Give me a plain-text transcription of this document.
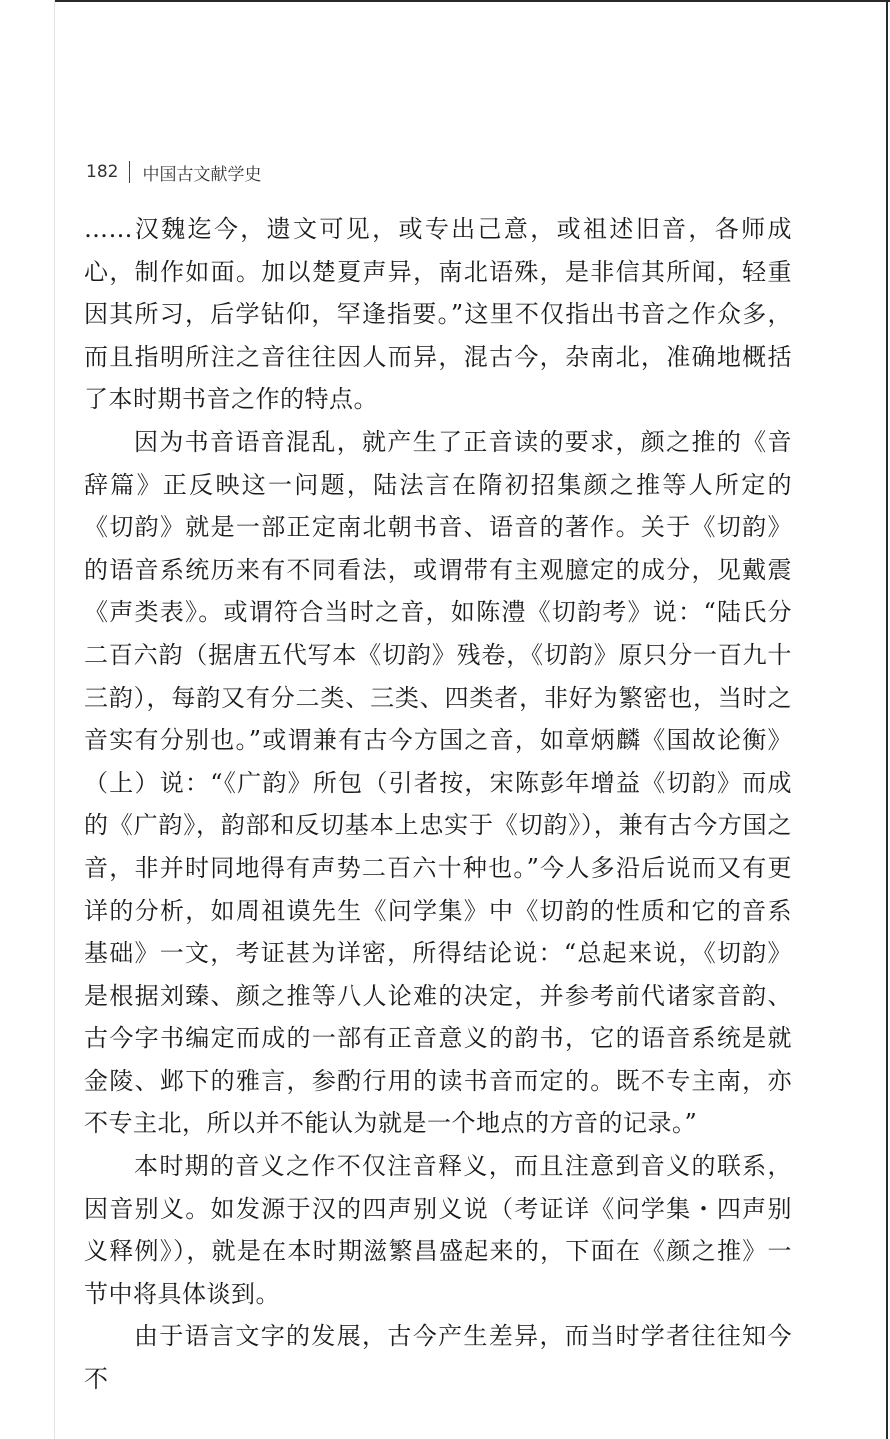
182 中国古文献学史

……汉魏迄今，遗文可见，或专出己意，或祖述旧音，各师成心，制作如面。加以楚夏声异，南北语殊，是非信其所闻，轻重因其所习，后学钻仰，罕逢指要。”这里不仅指出书音之作众多，而且指明所注之音往往因人而异，混古今，杂南北，准确地概括了本时期书音之作的特点。

因为书音语音混乱，就产生了正音读的要求，颜之推的《音辞篇》正反映这一问题，陆法言在隋初招集颜之推等人所定的《切韵》就是一部正定南北朝书音、语音的著作。关于《切韵》的语音系统历来有不同看法，或谓带有主观臆定的成分，见戴震《声类表》。或谓符合当时之音，如陈澧《切韵考》说：“陆氏分二百六韵（据唐五代写本《切韵》残卷，《切韵》原只分一百九十三韵），每韵又有分二类、三类、四类者，非好为繁密也，当时之音实有分别也。”或谓兼有古今方国之音，如章炳麟《国故论衡》（上）说：“《广韵》所包（引者按，宋陈彭年增益《切韵》而成的《广韵》，韵部和反切基本上忠实于《切韵》），兼有古今方国之音，非并时同地得有声势二百六十种也。”今人多沿后说而又有更详的分析，如周祖谟先生《问学集》中《切韵的性质和它的音系基础》一文，考证甚为详密，所得结论说：“总起来说，《切韵》是根据刘臻、颜之推等八人论难的决定，并参考前代诸家音韵、古今字书编定而成的一部有正音意义的韵书，它的语音系统是就金陵、邺下的雅言，参酌行用的读书音而定的。既不专主南，亦不专主北，所以并不能认为就是一个地点的方音的记录。”

本时期的音义之作不仅注音释义，而且注意到音义的联系，因音别义。如发源于汉的四声别义说（考证详《问学集・四声别义释例》），就是在本时期滋繁昌盛起来的，下面在《颜之推》一节中将具体谈到。

由于语言文字的发展，古今产生差异，而当时学者往往知今不
